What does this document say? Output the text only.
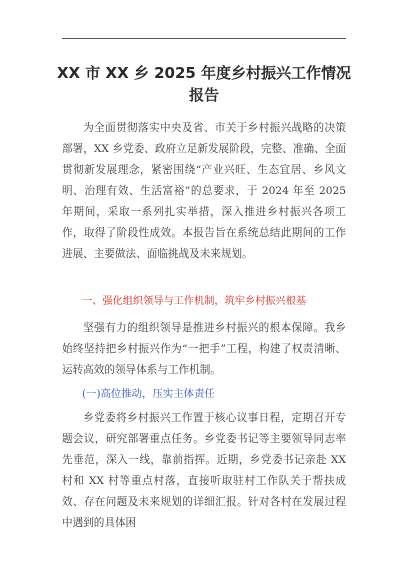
XX 市 XX 乡 2025 年度乡村振兴工作情况
报告

为全面贯彻落实中央及省、市关于乡村振兴战略的决策部署，XX 乡党委、政府立足新发展阶段，完整、准确、全面贯彻新发展理念，紧密围绕“产业兴旺、生态宜居、乡风文明、治理有效、生活富裕”的总要求，于 2024 年至 2025 年期间，采取一系列扎实举措，深入推进乡村振兴各项工作，取得了阶段性成效。本报告旨在系统总结此期间的工作进展、主要做法、面临挑战及未来规划。

一、强化组织领导与工作机制，筑牢乡村振兴根基

坚强有力的组织领导是推进乡村振兴的根本保障。我乡始终坚持把乡村振兴作为“一把手”工程，构建了权责清晰、运转高效的领导体系与工作机制。

(一)高位推动，压实主体责任

乡党委将乡村振兴工作置于核心议事日程，定期召开专题会议，研究部署重点任务。乡党委书记等主要领导同志率先垂范，深入一线，靠前指挥。近期，乡党委书记亲赴 XX 村和 XX 村等重点村落，直接听取驻村工作队关于帮扶成效、存在问题及未来规划的详细汇报。针对各村在发展过程中遇到的具体困
